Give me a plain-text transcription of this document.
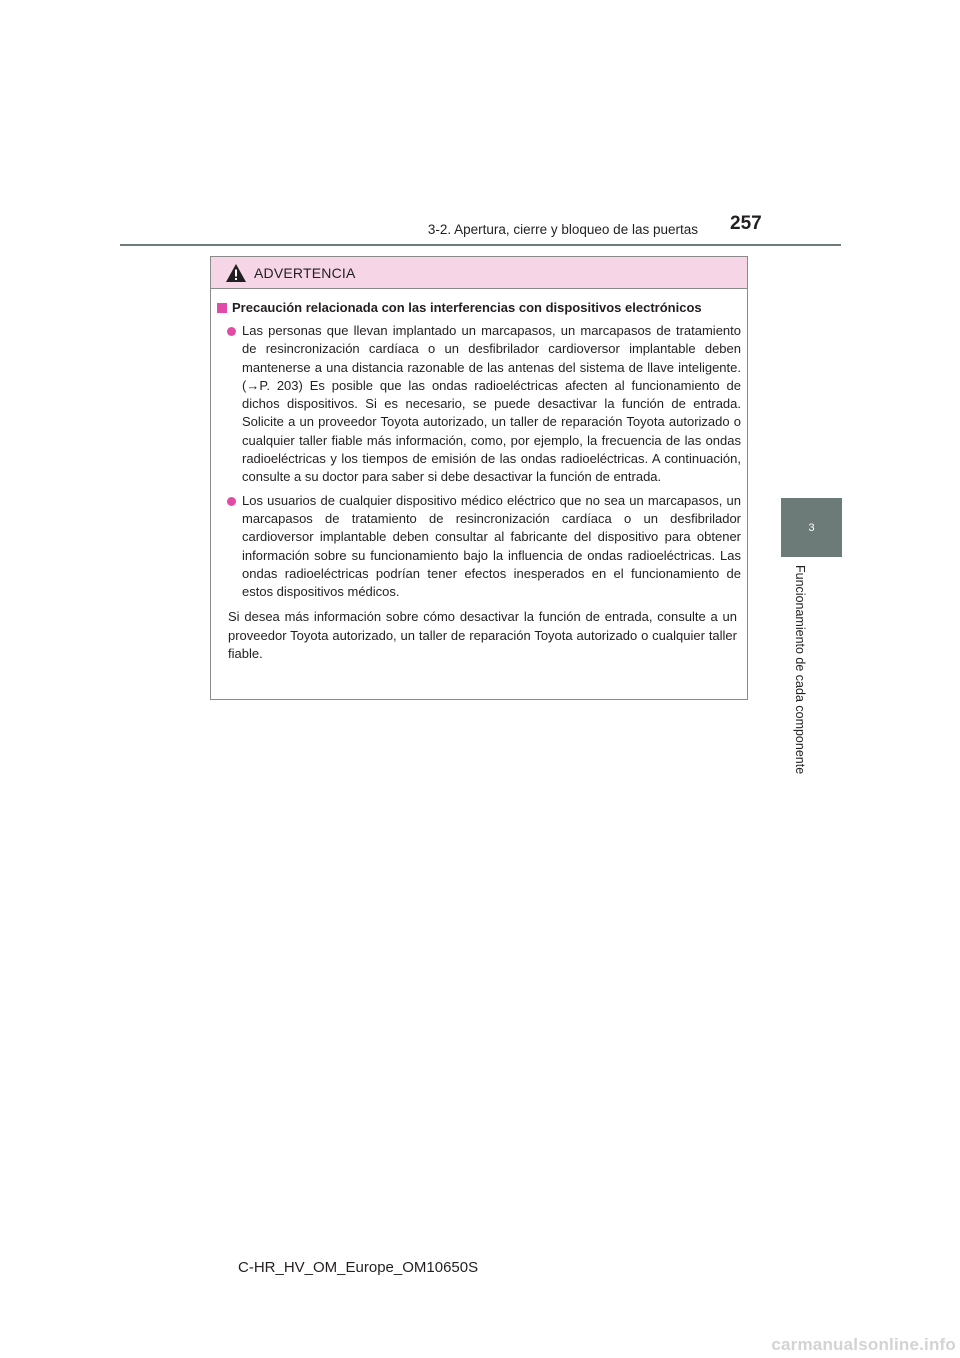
3-2. Apertura, cierre y bloqueo de las puertas 257
3
Funcionamiento de cada componente
ADVERTENCIA
Precaución relacionada con las interferencias con dispositivos electrónicos

Las personas que llevan implantado un marcapasos, un marcapasos de tratamiento de resincronización cardíaca o un desfibrilador cardioversor implantable deben mantenerse a una distancia razonable de las antenas del sistema de llave inteligente. (→P. 203) Es posible que las ondas radioeléctricas afecten al funcionamiento de dichos dispositivos. Si es necesario, se puede desactivar la función de entrada. Solicite a un proveedor Toyota autorizado, un taller de reparación Toyota autorizado o cualquier taller fiable más información, como, por ejemplo, la frecuencia de las ondas radioeléctricas y los tiempos de emisión de las ondas radioeléctricas. A continuación, consulte a su doctor para saber si debe desactivar la función de entrada.

Los usuarios de cualquier dispositivo médico eléctrico que no sea un marcapasos, un marcapasos de tratamiento de resincronización cardíaca o un desfibrilador cardioversor implantable deben consultar al fabricante del dispositivo para obtener información sobre su funcionamiento bajo la influencia de ondas radioeléctricas. Las ondas radioeléctricas podrían tener efectos inesperados en el funcionamiento de estos dispositivos médicos.

Si desea más información sobre cómo desactivar la función de entrada, consulte a un proveedor Toyota autorizado, un taller de reparación Toyota autorizado o cualquier taller fiable.

C-HR_HV_OM_Europe_OM10650S
carmanualsonline.info
